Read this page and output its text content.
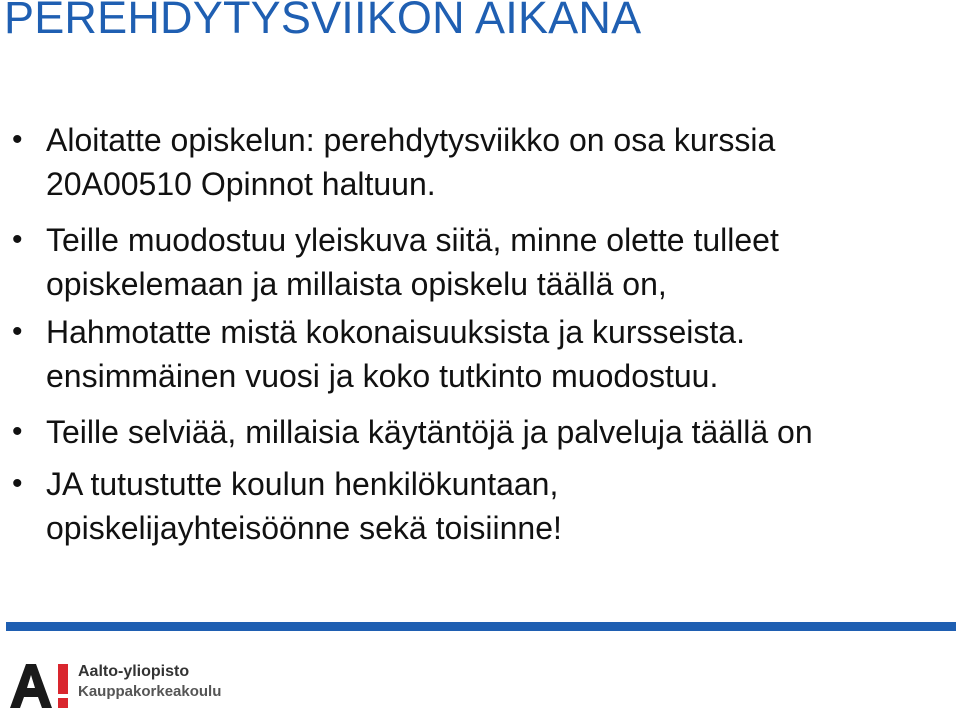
PEREHDYTYSVIIKON AIKANA
• Aloitatte opiskelun: perehdytysviikko on osa kurssia
20A00510 Opinnot haltuun.
• Teille muodostuu yleiskuva siitä, minne olette tulleet
opiskelemaan ja millaista opiskelu täällä on,
• Hahmotatte mistä kokonaisuuksista ja kursseista.
ensimmäinen vuosi ja koko tutkinto muodostuu.
• Teille selviää, millaisia käytäntöjä ja palveluja täällä on
• JA tutustutte koulun henkilökuntaan,
opiskelijayhteisöönne sekä toisiinne!
Aalto-yliopisto
Kauppakorkeakoulu
